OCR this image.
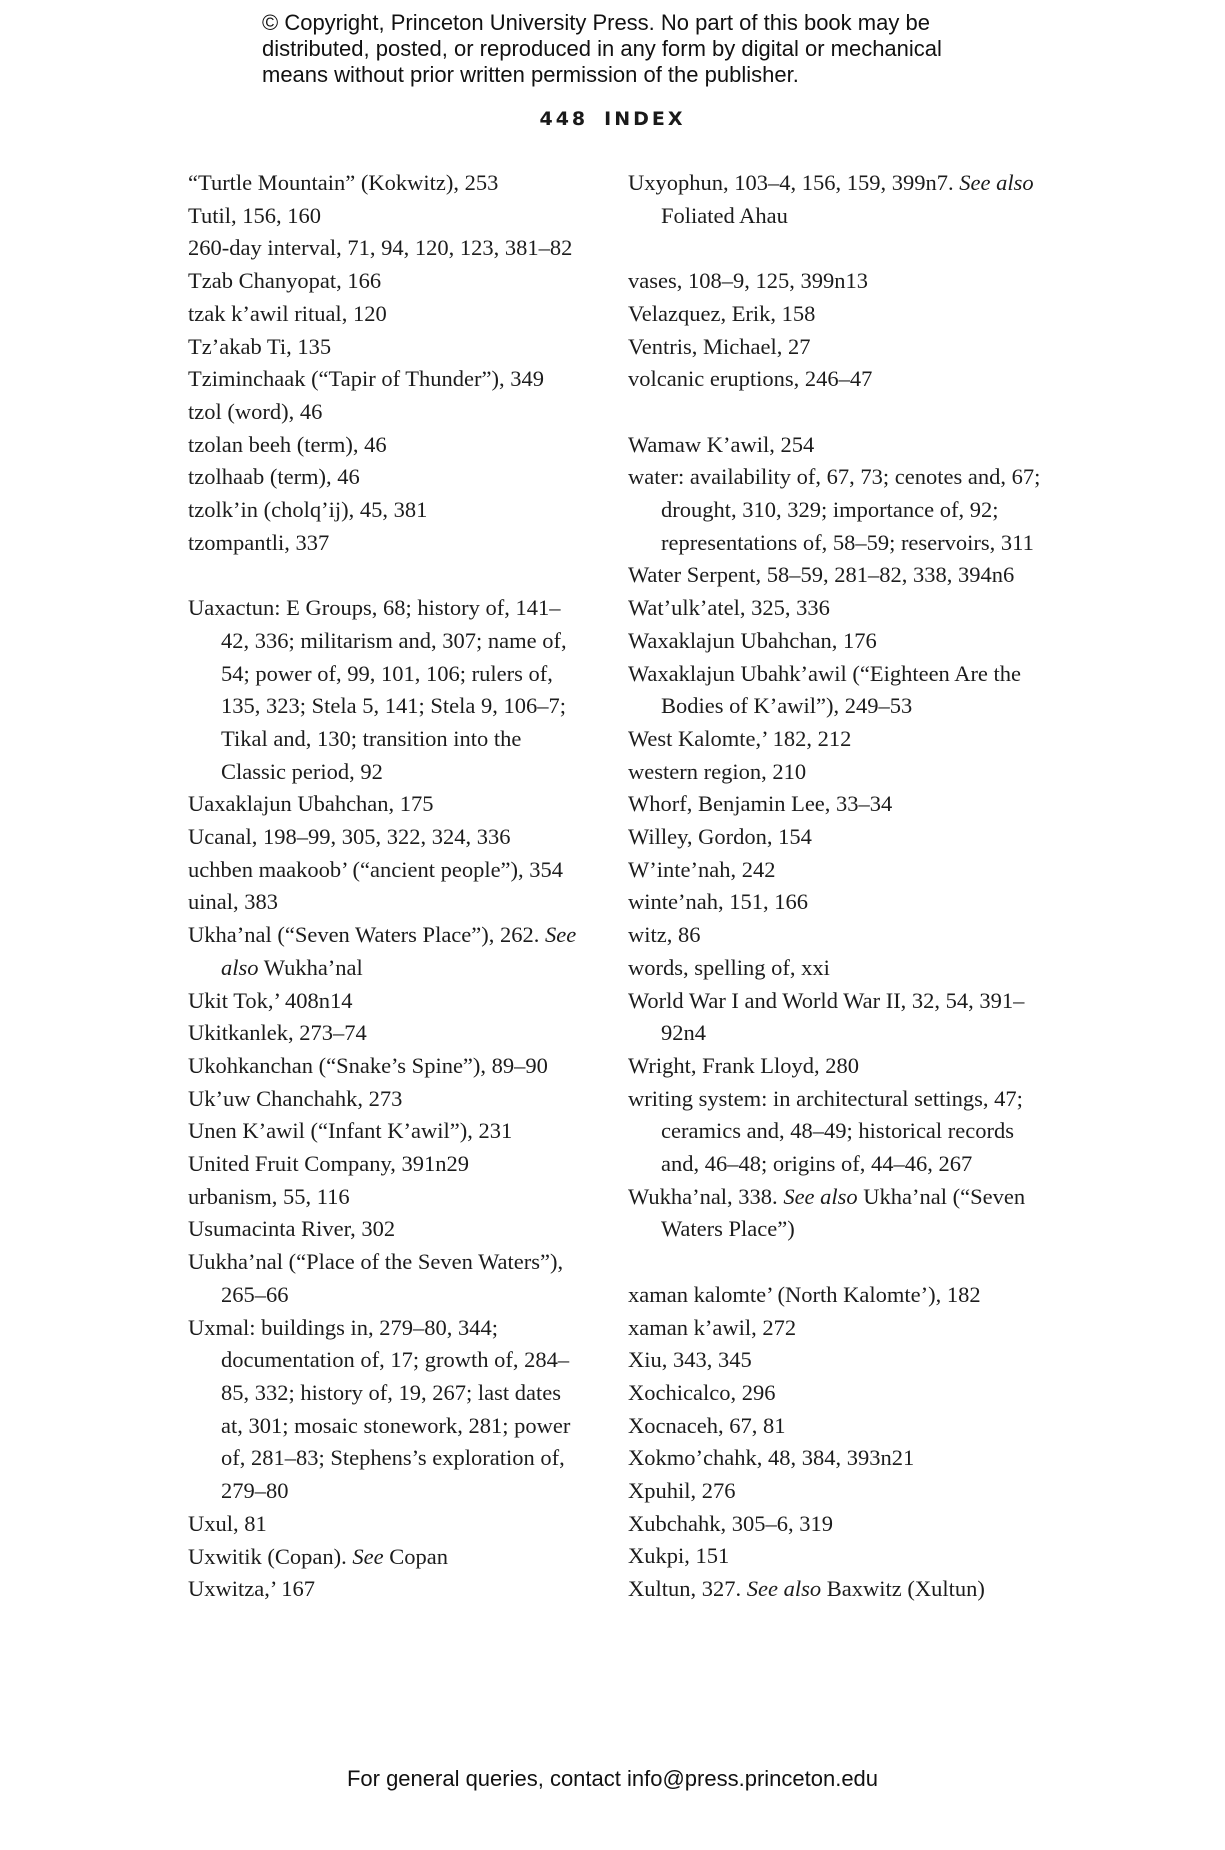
© Copyright, Princeton University Press. No part of this book may be
distributed, posted, or reproduced in any form by digital or mechanical
means without prior written permission of the publisher.
448 INDEX

“Turtle Mountain” (Kokwitz), 253

Tutil, 156, 160

260-day interval, 71, 94, 120, 123, 381–82

Tzab Chanyopat, 166

tzak k’awil ritual, 120

Tz’akab Ti, 135

Tziminchaak (“Tapir of Thunder”), 349

tzol (word), 46

tzolan beeh (term), 46

tzolhaab (term), 46

tzolk’in (cholq’ij), 45, 381

tzompantli, 337

Uaxactun: E Groups, 68; history of, 141–42, 336; militarism and, 307; name of, 54; power of, 99, 101, 106; rulers of, 135, 323; Stela 5, 141; Stela 9, 106–7; Tikal and, 130; transition into the Classic period, 92

Uaxaklajun Ubahchan, 175

Ucanal, 198–99, 305, 322, 324, 336

uchben maakoob’ (“ancient people”), 354

uinal, 383

Ukha’nal (“Seven Waters Place”), 262. See also Wukha’nal

Ukit Tok,’ 408n14

Ukitkanlek, 273–74

Ukohkanchan (“Snake’s Spine”), 89–90

Uk’uw Chanchahk, 273

Unen K’awil (“Infant K’awil”), 231

United Fruit Company, 391n29

urbanism, 55, 116

Usumacinta River, 302

Uukha’nal (“Place of the Seven Waters”), 265–66

Uxmal: buildings in, 279–80, 344; documentation of, 17; growth of, 284–85, 332; history of, 19, 267; last dates at, 301; mosaic stonework, 281; power of, 281–83; Stephens’s exploration of, 279–80

Uxul, 81

Uxwitik (Copan). See Copan

Uxwitza,’ 167

Uxyophun, 103–4, 156, 159, 399n7. See also Foliated Ahau

vases, 108–9, 125, 399n13

Velazquez, Erik, 158

Ventris, Michael, 27

volcanic eruptions, 246–47

Wamaw K’awil, 254

water: availability of, 67, 73; cenotes and, 67; drought, 310, 329; importance of, 92; representations of, 58–59; reservoirs, 311

Water Serpent, 58–59, 281–82, 338, 394n6

Wat’ulk’atel, 325, 336

Waxaklajun Ubahchan, 176

Waxaklajun Ubahk’awil (“Eighteen Are the Bodies of K’awil”), 249–53

West Kalomte,’ 182, 212

western region, 210

Whorf, Benjamin Lee, 33–34

Willey, Gordon, 154

W’inte’nah, 242

winte’nah, 151, 166

witz, 86

words, spelling of, xxi

World War I and World War II, 32, 54, 391–92n4

Wright, Frank Lloyd, 280

writing system: in architectural settings, 47; ceramics and, 48–49; historical records and, 46–48; origins of, 44–46, 267

Wukha’nal, 338. See also Ukha’nal (“Seven Waters Place”)

xaman kalomte’ (North Kalomte’), 182

xaman k’awil, 272

Xiu, 343, 345

Xochicalco, 296

Xocnaceh, 67, 81

Xokmo’chahk, 48, 384, 393n21

Xpuhil, 276

Xubchahk, 305–6, 319

Xukpi, 151

Xultun, 327. See also Baxwitz (Xultun)

For general queries, contact info@press.princeton.edu
